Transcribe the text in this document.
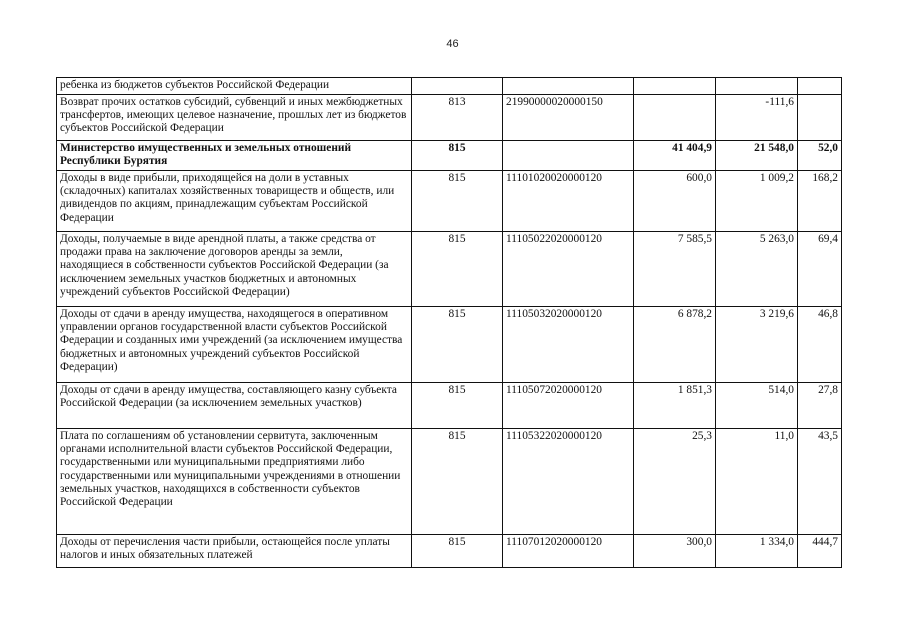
46
ребенка из бюджетов субъектов Российской Федерации					
Возврат прочих остатков субсидий, субвенций и иных межбюджетных трансфертов, имеющих целевое назначение, прошлых лет из бюджетов субъектов Российской Федерации	813	21990000020000150		-111,6	
Министерство имущественных и земельных отношений Республики Бурятия	815		41 404,9	21 548,0	52,0
Доходы в виде прибыли, приходящейся на доли в уставных (складочных) капиталах хозяйственных товариществ и обществ, или дивидендов по акциям, принадлежащим субъектам Российской Федерации	815	11101020020000120	600,0	1 009,2	168,2
Доходы, получаемые в виде арендной платы, а также средства от продажи права на заключение договоров аренды за земли, находящиеся в собственности субъектов Российской Федерации (за исключением земельных участков бюджетных и автономных учреждений субъектов Российской Федерации)	815	11105022020000120	7 585,5	5 263,0	69,4
Доходы от сдачи в аренду имущества, находящегося в оперативном управлении органов государственной власти субъектов Российской Федерации и созданных ими учреждений (за исключением имущества бюджетных и автономных учреждений субъектов Российской Федерации)	815	11105032020000120	6 878,2	3 219,6	46,8
Доходы от сдачи в аренду имущества, составляющего казну субъекта Российской Федерации (за исключением земельных участков)	815	11105072020000120	1 851,3	514,0	27,8
Плата по соглашениям об установлении сервитута, заключенным органами исполнительной власти субъектов Российской Федерации, государственными или муниципальными предприятиями либо государственными или муниципальными учреждениями в отношении земельных участков, находящихся в собственности субъектов Российской Федерации	815	11105322020000120	25,3	11,0	43,5
Доходы от перечисления части прибыли, остающейся после уплаты налогов и иных обязательных платежей	815	11107012020000120	300,0	1 334,0	444,7
